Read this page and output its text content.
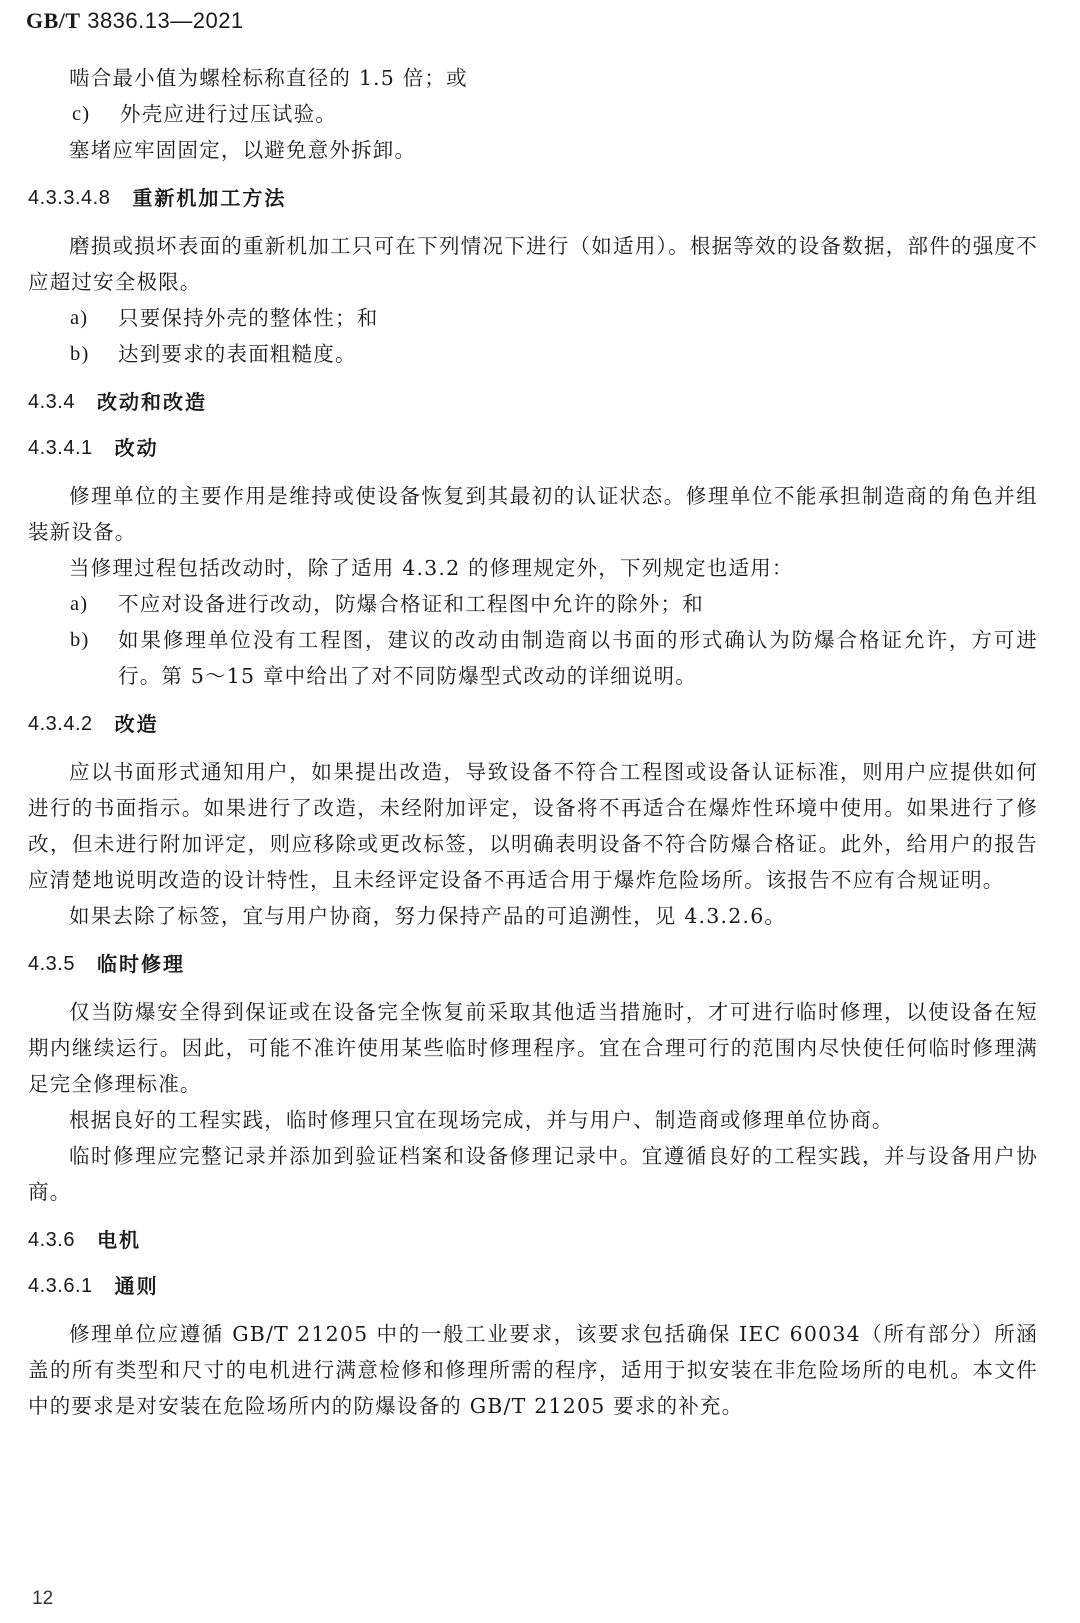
GB/T 3836.13—2021

啮合最小值为螺栓标称直径的 1.5 倍；或

c)	外壳应进行过压试验。

塞堵应牢固固定，以避免意外拆卸。

4.3.3.4.8 重新机加工方法

磨损或损坏表面的重新机加工只可在下列情况下进行（如适用）。根据等效的设备数据，部件的强度不应超过安全极限。

a)	只要保持外壳的整体性；和
b)	达到要求的表面粗糙度。
4.3.4 改动和改造
4.3.4.1 改动

修理单位的主要作用是维持或使设备恢复到其最初的认证状态。修理单位不能承担制造商的角色并组装新设备。

当修理过程包括改动时，除了适用 4.3.2 的修理规定外，下列规定也适用：

a)	不应对设备进行改动，防爆合格证和工程图中允许的除外；和
b)	如果修理单位没有工程图，建议的改动由制造商以书面的形式确认为防爆合格证允许，方可进行。第 5～15 章中给出了对不同防爆型式改动的详细说明。
4.3.4.2 改造

应以书面形式通知用户，如果提出改造，导致设备不符合工程图或设备认证标准，则用户应提供如何进行的书面指示。如果进行了改造，未经附加评定，设备将不再适合在爆炸性环境中使用。如果进行了修改，但未进行附加评定，则应移除或更改标签，以明确表明设备不符合防爆合格证。此外，给用户的报告应清楚地说明改造的设计特性，且未经评定设备不再适合用于爆炸危险场所。该报告不应有合规证明。

如果去除了标签，宜与用户协商，努力保持产品的可追溯性，见 4.3.2.6。

4.3.5 临时修理

仅当防爆安全得到保证或在设备完全恢复前采取其他适当措施时，才可进行临时修理，以使设备在短期内继续运行。因此，可能不准许使用某些临时修理程序。宜在合理可行的范围内尽快使任何临时修理满足完全修理标准。

根据良好的工程实践，临时修理只宜在现场完成，并与用户、制造商或修理单位协商。

临时修理应完整记录并添加到验证档案和设备修理记录中。宜遵循良好的工程实践，并与设备用户协商。

4.3.6 电机
4.3.6.1 通则

修理单位应遵循 GB/T 21205 中的一般工业要求，该要求包括确保 IEC 60034（所有部分）所涵盖的所有类型和尺寸的电机进行满意检修和修理所需的程序，适用于拟安装在非危险场所的电机。本文件中的要求是对安装在危险场所内的防爆设备的 GB/T 21205 要求的补充。

12
